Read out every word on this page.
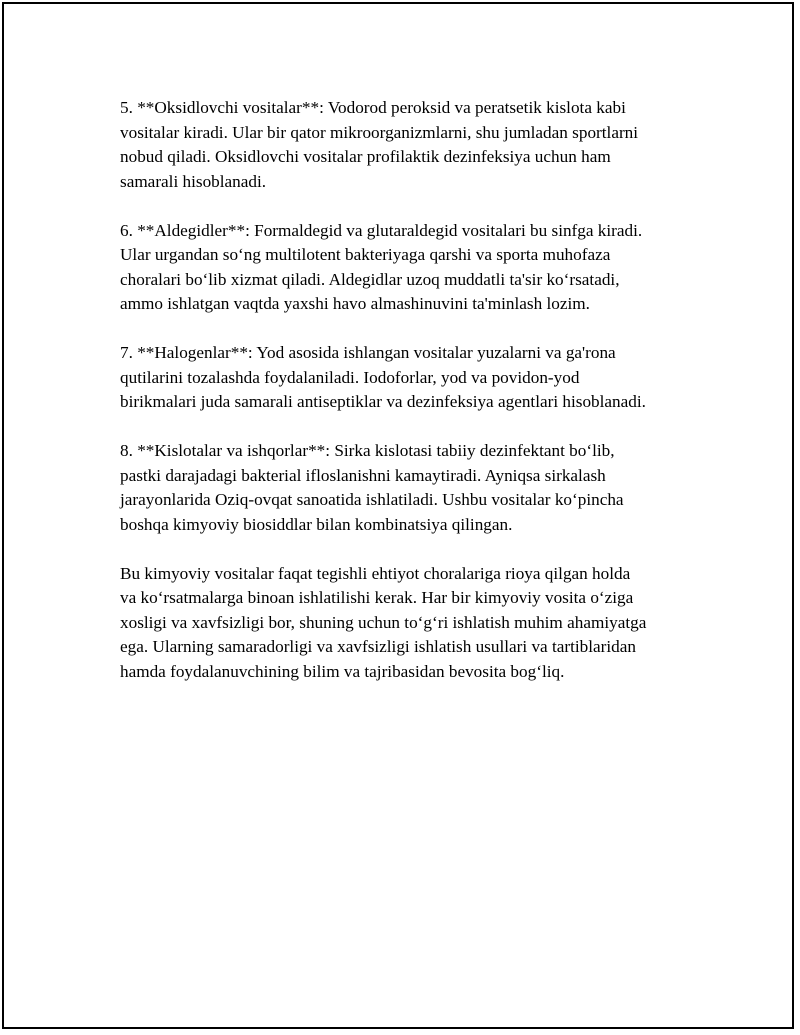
5. **Oksidlovchi vositalar**: Vodorod peroksid va peratsetik kislota kabi
vositalar kiradi. Ular bir qator mikroorganizmlarni, shu jumladan sportlarni
nobud qiladi. Oksidlovchi vositalar profilaktik dezinfeksiya uchun ham
samarali hisoblanadi.

6. **Aldegidler**: Formaldegid va glutaraldegid vositalari bu sinfga kiradi.
Ular urgandan so‘ng multilotent bakteriyaga qarshi va sporta muhofaza
choralari bo‘lib xizmat qiladi. Aldegidlar uzoq muddatli ta'sir ko‘rsatadi,
ammo ishlatgan vaqtda yaxshi havo almashinuvini ta'minlash lozim.

7. **Halogenlar**: Yod asosida ishlangan vositalar yuzalarni va ga'rona
qutilarini tozalashda foydalaniladi. Iodoforlar, yod va povidon-yod
birikmalari juda samarali antiseptiklar va dezinfeksiya agentlari hisoblanadi.

8. **Kislotalar va ishqorlar**: Sirka kislotasi tabiiy dezinfektant bo‘lib,
pastki darajadagi bakterial ifloslanishni kamaytiradi. Ayniqsa sirkalash
jarayonlarida Oziq-ovqat sanoatida ishlatiladi. Ushbu vositalar ko‘pincha
boshqa kimyoviy biosiddlar bilan kombinatsiya qilingan.

Bu kimyoviy vositalar faqat tegishli ehtiyot choralariga rioya qilgan holda
va ko‘rsatmalarga binoan ishlatilishi kerak. Har bir kimyoviy vosita o‘ziga
xosligi va xavfsizligi bor, shuning uchun to‘g‘ri ishlatish muhim ahamiyatga
ega. Ularning samaradorligi va xavfsizligi ishlatish usullari va tartiblaridan
hamda foydalanuvchining bilim va tajribasidan bevosita bog‘liq.
